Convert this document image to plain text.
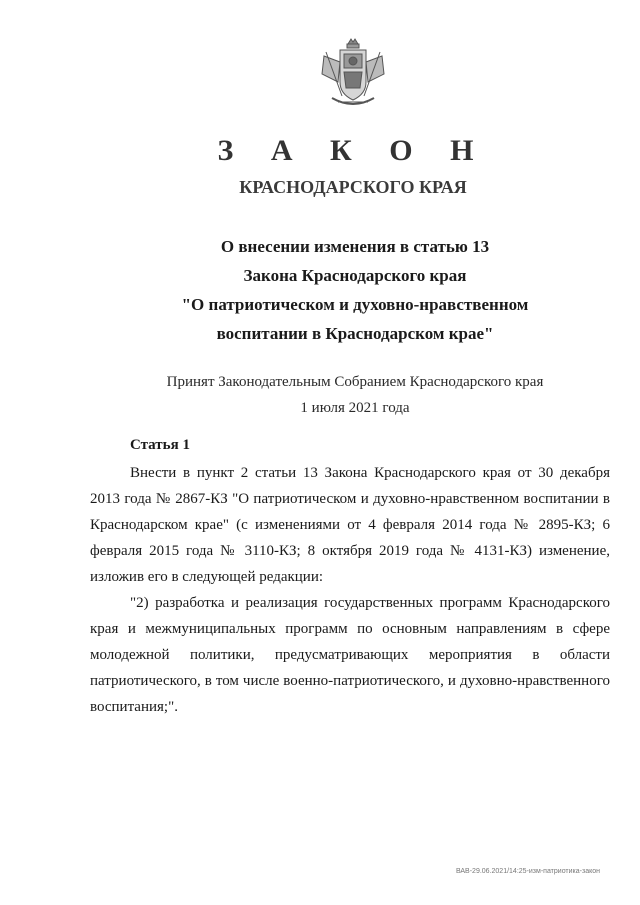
З А К О Н
КРАСНОДАРСКОГО КРАЯ
О внесении изменения в статью 13
Закона Краснодарского края
"О патриотическом и духовно-нравственном
воспитании в Краснодарском крае"
Принят Законодательным Собранием Краснодарского края
1 июля 2021 года
Статья 1
Внести в пункт 2 статьи 13 Закона Краснодарского края от 30 декабря 2013 года № 2867-КЗ "О патриотическом и духовно-нравственном воспитании в Краснодарском крае" (с изменениями от 4 февраля 2014 года № 2895-КЗ; 6 февраля 2015 года № 3110-КЗ; 8 октября 2019 года № 4131-КЗ) изменение, изложив его в следующей редакции:
"2) разработка и реализация государственных программ Краснодарского края и межмуниципальных программ по основным направлениям в сфере молодежной политики, предусматривающих мероприятия в области патриотического, в том числе военно-патриотического, и духовно-нравственного воспитания;".
ВАВ-29.06.2021/14:25-изм-патриотика-закон
